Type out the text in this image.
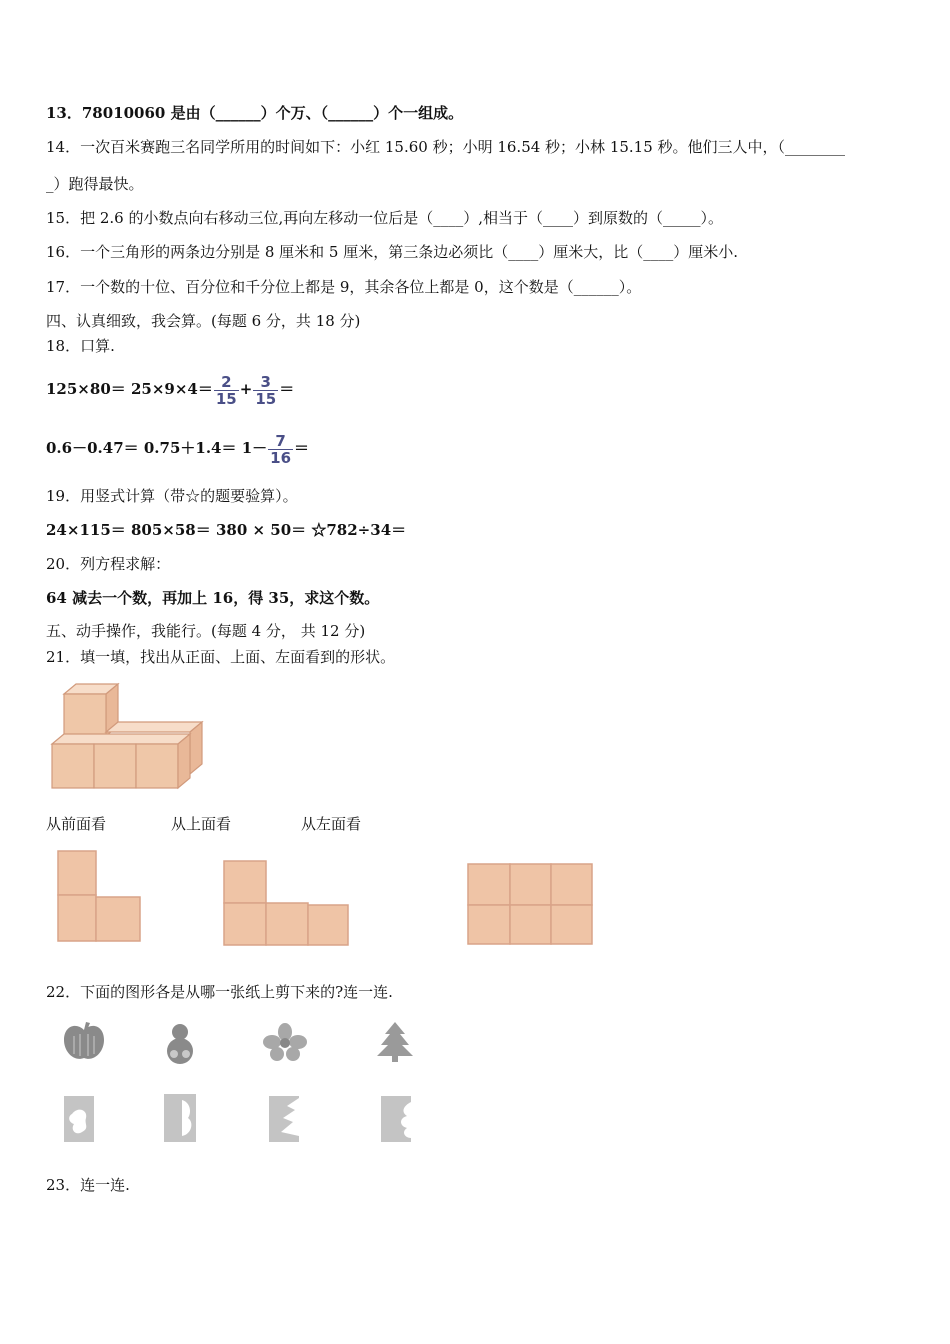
13．78010060 是由（______）个万、（______）个一组成。
14．一次百米赛跑三名同学所用的时间如下：小红 15.60 秒；小明 16.54 秒；小林 15.15 秒。他们三人中，（________
_）跑得最快。
15．把 2.6 的小数点向右移动三位,再向左移动一位后是（____）,相当于（____）到原数的（_____）。
16．一个三角形的两条边分别是 8 厘米和 5 厘米，第三条边必须比（____）厘米大，比（____）厘米小.
17．一个数的十位、百分位和千分位上都是 9，其余各位上都是 0，这个数是（______）。
四、认真细致，我会算。(每题 6 分，共 18 分)
18．口算.
$125\times 80= 25\times 9\times 4= \frac{2}{15} + \frac{3}{15}$ ＝
$0.6-0.47= 0.75+1.4= 1- \frac{7}{16}$ ＝
19．用竖式计算（带☆的题要验算）。
24×115＝ 805×58＝ 380 × 50＝ ☆782÷34＝
20．列方程求解：
64 减去一个数，再加上 16，得 35，求这个数。
五、动手操作，我能行。(每题 4 分， 共 12 分)
21．填一填，找出从正面、上面、左面看到的形状。
从前面看	从上面看	从左面看
22．下面的图形各是从哪一张纸上剪下来的?连一连.
23．连一连.
